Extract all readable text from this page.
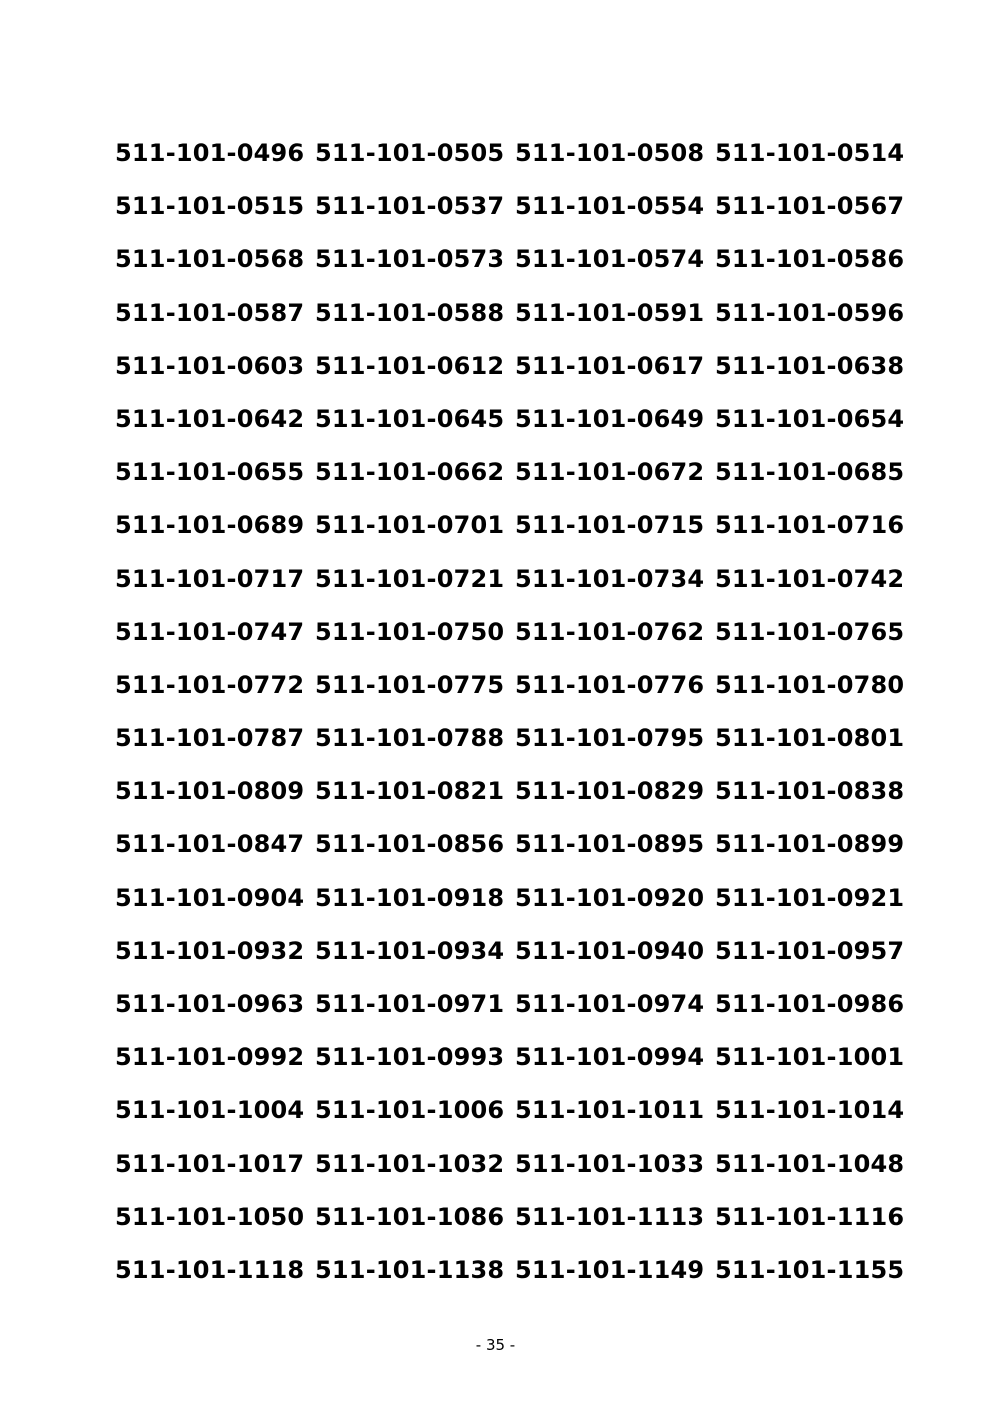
511-101-0496 511-101-0505 511-101-0508 511-101-0514
511-101-0515 511-101-0537 511-101-0554 511-101-0567
511-101-0568 511-101-0573 511-101-0574 511-101-0586
511-101-0587 511-101-0588 511-101-0591 511-101-0596
511-101-0603 511-101-0612 511-101-0617 511-101-0638
511-101-0642 511-101-0645 511-101-0649 511-101-0654
511-101-0655 511-101-0662 511-101-0672 511-101-0685
511-101-0689 511-101-0701 511-101-0715 511-101-0716
511-101-0717 511-101-0721 511-101-0734 511-101-0742
511-101-0747 511-101-0750 511-101-0762 511-101-0765
511-101-0772 511-101-0775 511-101-0776 511-101-0780
511-101-0787 511-101-0788 511-101-0795 511-101-0801
511-101-0809 511-101-0821 511-101-0829 511-101-0838
511-101-0847 511-101-0856 511-101-0895 511-101-0899
511-101-0904 511-101-0918 511-101-0920 511-101-0921
511-101-0932 511-101-0934 511-101-0940 511-101-0957
511-101-0963 511-101-0971 511-101-0974 511-101-0986
511-101-0992 511-101-0993 511-101-0994 511-101-1001
511-101-1004 511-101-1006 511-101-1011 511-101-1014
511-101-1017 511-101-1032 511-101-1033 511-101-1048
511-101-1050 511-101-1086 511-101-1113 511-101-1116
511-101-1118 511-101-1138 511-101-1149 511-101-1155
- 35 -
